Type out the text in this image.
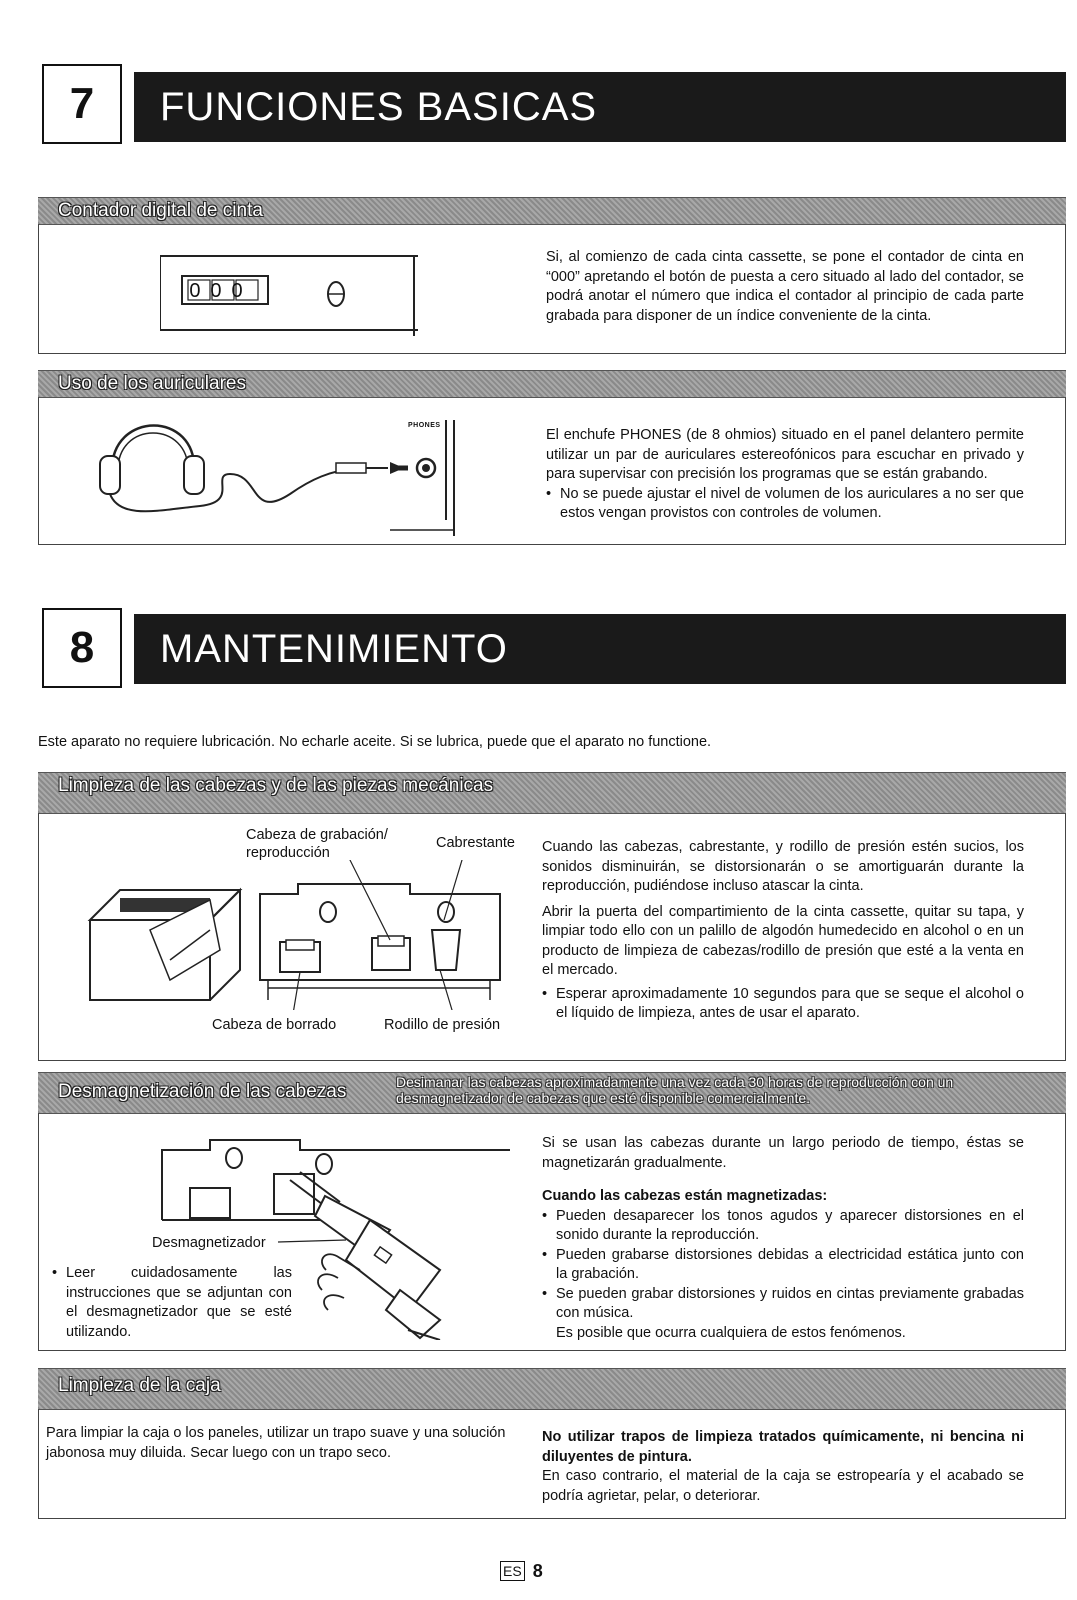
7	FUNCIONES BASICAS
Contador digital de cinta
000
Si, al comienzo de cada cinta cassette, se pone el contador de cinta en “000” apretando el botón de puesta a cero situado al lado del contador, se podrá anotar el número que indica el contador al principio de cada parte grabada para disponer de un índice conveniente de la cinta.
Uso de los auriculares
PHONES
El enchufe PHONES (de 8 ohmios) situado en el panel delantero permite utilizar un par de auriculares estereofónicos para escuchar en privado y para supervisar con precisión los programas que se están grabando.
• No se puede ajustar el nivel de volumen de los auriculares a no ser que estos vengan provistos con controles de volumen.
8	MANTENIMIENTO
Este aparato no requiere lubricación. No echarle aceite. Si se lubrica, puede que el aparato no functione.
Limpieza de las cabezas y de las piezas mecánicas
Cabeza de grabación/ reproducción
Cabrestante
Cabeza de borrado	Rodillo de presión
Cuando las cabezas, cabrestante, y rodillo de presión estén sucios, los sonidos disminuirán, se distorsionarán o se amortiguarán durante la reproducción, pudiéndose incluso atascar la cinta.
Abrir la puerta del compartimiento de la cinta cassette, quitar su tapa, y limpiar todo ello con un palillo de algodón humedecido en alcohol o en un producto de limpieza de cabezas/rodillo de presión que esté a la venta en el mercado.
• Esperar aproximadamente 10 segundos para que se seque el alcohol o el líquido de limpieza, antes de usar el aparato.
Desmagnetización de las cabezas	Desimanar las cabezas aproximadamente una vez cada 30 horas de reproducción con un desmagnetizador de cabezas que esté disponible comercialmente.
Desmagnetizador
• Leer cuidadosamente las instrucciones que se adjuntan con el desmagnetizador que se esté utilizando.
Si se usan las cabezas durante un largo periodo de tiempo, éstas se magnetizarán gradualmente.
Cuando las cabezas están magnetizadas:
• Pueden desaparecer los tonos agudos y aparecer distorsiones en el sonido durante la reproducción.
• Pueden grabarse distorsiones debidas a electricidad estática junto con la grabación.
• Se pueden grabar distorsiones y ruidos en cintas previamente grabadas con música.
Es posible que ocurra cualquiera de estos fenómenos.
Limpieza de la caja
Para limpiar la caja o los paneles, utilizar un trapo suave y una solución jabonosa muy diluida. Secar luego con un trapo seco.
No utilizar trapos de limpieza tratados químicamente, ni bencina ni diluyentes de pintura.
En caso contrario, el material de la caja se estropearía y el acabado se podría agrietar, pelar, o deteriorar.
ES 8
